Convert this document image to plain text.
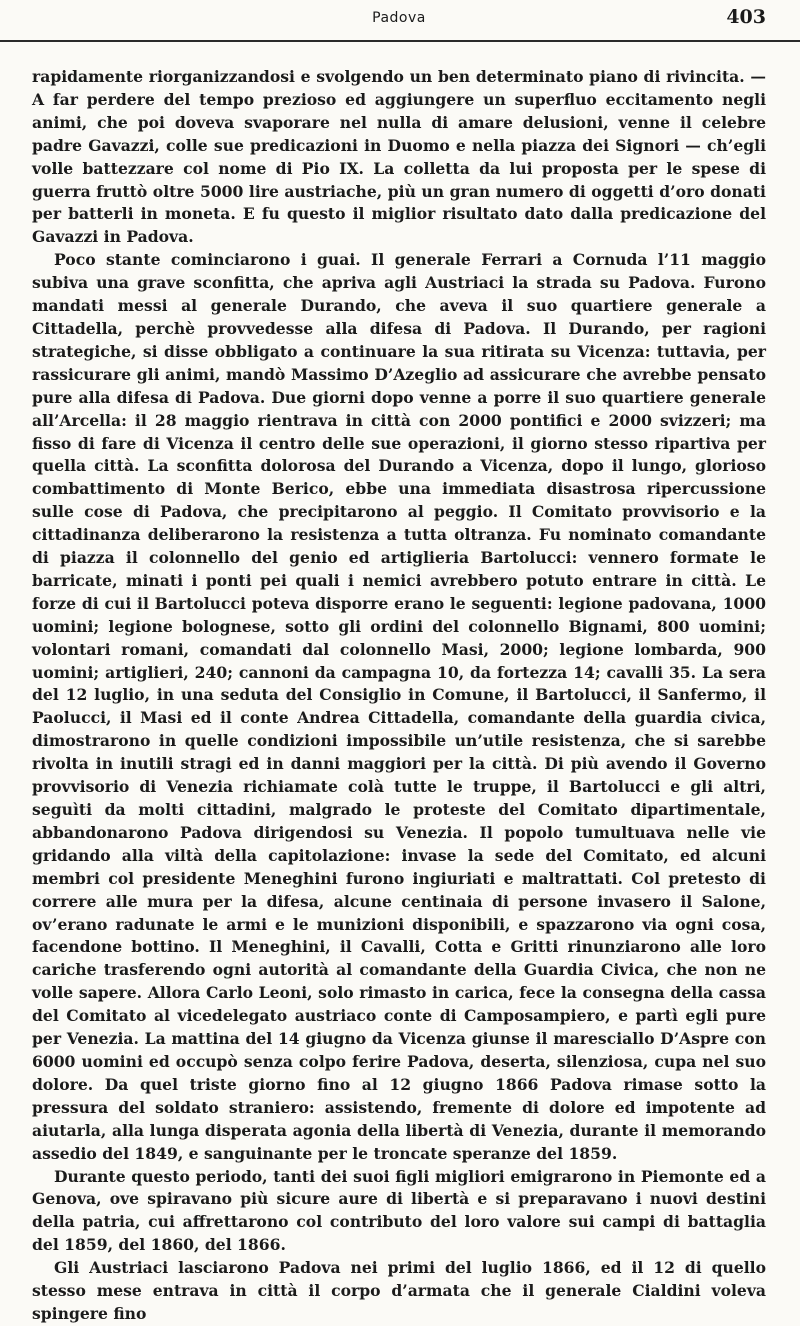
Padova	403

rapidamente riorganizzandosi e svolgendo un ben determinato piano di rivincita. — A far perdere del tempo prezioso ed aggiungere un superfluo eccitamento negli animi, che poi doveva svaporare nel nulla di amare delusioni, venne il celebre padre Gavazzi, colle sue predicazioni in Duomo e nella piazza dei Signori — ch’egli volle battezzare col nome di Pio IX. La colletta da lui proposta per le spese di guerra fruttò oltre 5000 lire austriache, più un gran numero di oggetti d’oro donati per batterli in moneta. E fu questo il miglior risultato dato dalla predicazione del Gavazzi in Padova.

Poco stante cominciarono i guai. Il generale Ferrari a Cornuda l’11 maggio subiva una grave sconfitta, che apriva agli Austriaci la strada su Padova. Furono mandati messi al generale Durando, che aveva il suo quartiere generale a Cittadella, perchè provvedesse alla difesa di Padova. Il Durando, per ragioni strategiche, si disse obbligato a continuare la sua ritirata su Vicenza: tuttavia, per rassicurare gli animi, mandò Massimo D’Azeglio ad assicurare che avrebbe pensato pure alla difesa di Padova. Due giorni dopo venne a porre il suo quartiere generale all’Arcella: il 28 maggio rientrava in città con 2000 pontifici e 2000 svizzeri; ma fisso di fare di Vicenza il centro delle sue operazioni, il giorno stesso ripartiva per quella città. La sconfitta dolorosa del Durando a Vicenza, dopo il lungo, glorioso combattimento di Monte Berico, ebbe una immediata disastrosa ripercussione sulle cose di Padova, che precipitarono al peggio. Il Comitato provvisorio e la cittadinanza deliberarono la resistenza a tutta oltranza. Fu nominato comandante di piazza il colonnello del genio ed artiglieria Bartolucci: vennero formate le barricate, minati i ponti pei quali i nemici avrebbero potuto entrare in città. Le forze di cui il Bartolucci poteva disporre erano le seguenti: legione padovana, 1000 uomini; legione bolognese, sotto gli ordini del colonnello Bignami, 800 uomini; volontari romani, comandati dal colonnello Masi, 2000; legione lombarda, 900 uomini; artiglieri, 240; cannoni da campagna 10, da fortezza 14; cavalli 35. La sera del 12 luglio, in una seduta del Consiglio in Comune, il Bartolucci, il Sanfermo, il Paolucci, il Masi ed il conte Andrea Cittadella, comandante della guardia civica, dimostrarono in quelle condizioni impossibile un’utile resistenza, che si sarebbe rivolta in inutili stragi ed in danni maggiori per la città. Di più avendo il Governo provvisorio di Venezia richiamate colà tutte le truppe, il Bartolucci e gli altri, seguìti da molti cittadini, malgrado le proteste del Comitato dipartimentale, abbandonarono Padova dirigendosi su Venezia. Il popolo tumultuava nelle vie gridando alla viltà della capitolazione: invase la sede del Comitato, ed alcuni membri col presidente Meneghini furono ingiuriati e maltrattati. Col pretesto di correre alle mura per la difesa, alcune centinaia di persone invasero il Salone, ov’erano radunate le armi e le munizioni disponibili, e spazzarono via ogni cosa, facendone bottino. Il Meneghini, il Cavalli, Cotta e Gritti rinunziarono alle loro cariche trasferendo ogni autorità al comandante della Guardia Civica, che non ne volle sapere. Allora Carlo Leoni, solo rimasto in carica, fece la consegna della cassa del Comitato al vicedelegato austriaco conte di Camposampiero, e partì egli pure per Venezia. La mattina del 14 giugno da Vicenza giunse il maresciallo D’Aspre con 6000 uomini ed occupò senza colpo ferire Padova, deserta, silenziosa, cupa nel suo dolore. Da quel triste giorno fino al 12 giugno 1866 Padova rimase sotto la pressura del soldato straniero: assistendo, fremente di dolore ed impotente ad aiutarla, alla lunga disperata agonia della libertà di Venezia, durante il memorando assedio del 1849, e sanguinante per le troncate speranze del 1859.

Durante questo periodo, tanti dei suoi figli migliori emigrarono in Piemonte ed a Genova, ove spiravano più sicure aure di libertà e si preparavano i nuovi destini della patria, cui affrettarono col contributo del loro valore sui campi di battaglia del 1859, del 1860, del 1866.

Gli Austriaci lasciarono Padova nei primi del luglio 1866, ed il 12 di quello stesso mese entrava in città il corpo d’armata che il generale Cialdini voleva spingere fino
